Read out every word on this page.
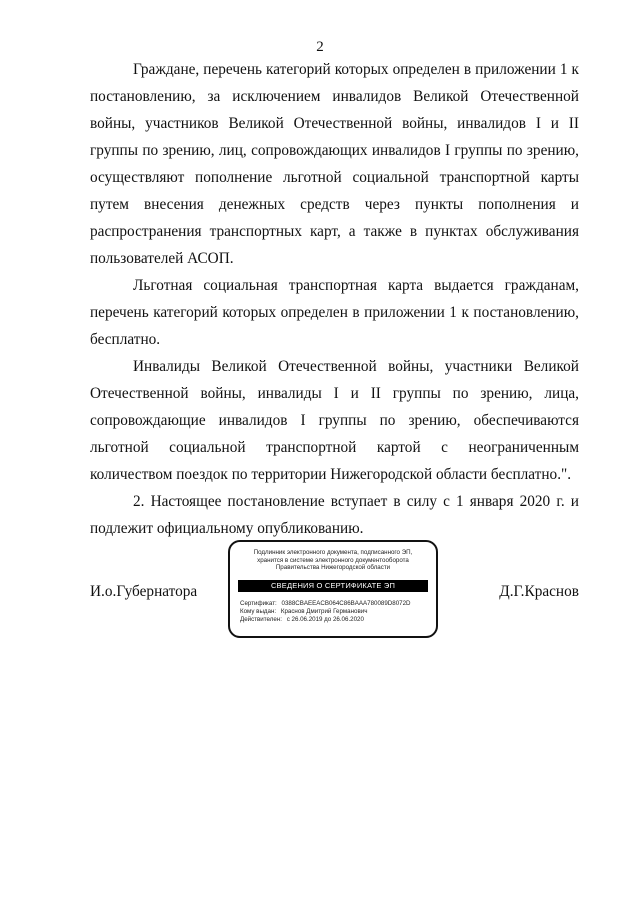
2

Граждане, перечень категорий которых определен в приложении 1 к постановлению, за исключением инвалидов Великой Отечественной войны, участников Великой Отечественной войны, инвалидов I и II группы по зрению, лиц, сопровождающих инвалидов I группы по зрению, осуществляют пополнение льготной социальной транспортной карты путем внесения денежных средств через пункты пополнения и распространения транспортных карт, а также в пунктах обслуживания пользователей АСОП.

Льготная социальная транспортная карта выдается гражданам, перечень категорий которых определен в приложении 1 к постановлению, бесплатно.

Инвалиды Великой Отечественной войны, участники Великой Отечественной войны, инвалиды I и II группы по зрению, лица, сопровождающие инвалидов I группы по зрению, обеспечиваются льготной социальной транспортной картой с неограниченным количеством поездок по территории Нижегородской области бесплатно.".

2. Настоящее постановление вступает в силу с 1 января 2020 г. и подлежит официальному опубликованию.

И.о.Губернатора
Подлинник электронного документа, подписанного ЭП,
хранится в системе электронного документооборота
Правительства Нижегородской области
СВЕДЕНИЯ О СЕРТИФИКАТЕ ЭП
Сертификат: 0388CBAEEACB064C86BAAA780089D8072D
Кому выдан: Краснов Дмитрий Германович
Действителен: с 26.06.2019 до 26.06.2020
Д.Г.Краснов
